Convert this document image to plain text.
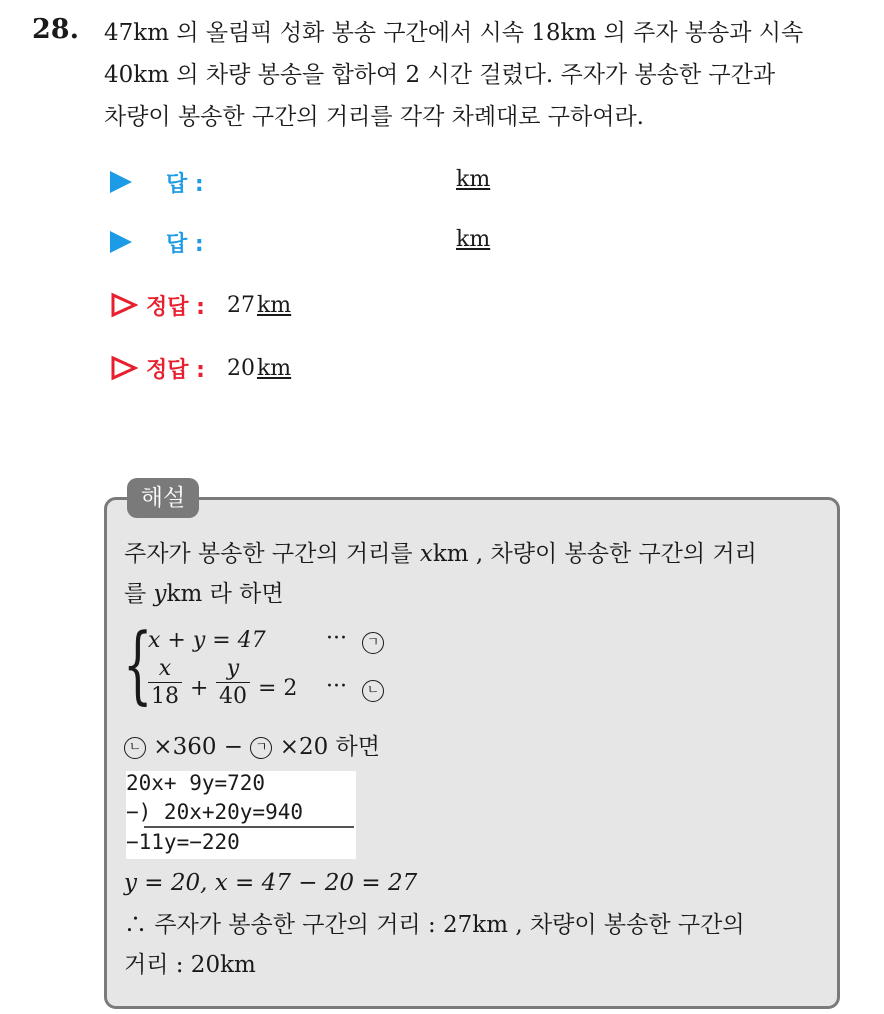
28. 47km 의 올림픽 성화 봉송 구간에서 시속 18km 의 주자 봉송과 시속
40km 의 차량 봉송을 합하여 2 시간 걸렸다. 주자가 봉송한 구간과
차량이 봉송한 구간의 거리를 각각 차례대로 구하여라.
답 :	km
답 :	km
정답 : 27 km
정답 : 20 km
해설
주자가 봉송한 구간의 거리를 xkm , 차량이 봉송한 구간의 거리
를 ykm 라 하면
{
x + y = 47	···	ㄱ
$\frac{x}{18} + \frac{y}{40} = 2$ ···	ㄴ
ㄴ ×360 − ㄱ ×20 하면
20x+ 9y=720
−) 20x+20y=940
−11y=−220
y = 20, x = 47 − 20 = 27
∴ 주자가 봉송한 구간의 거리 : 27km , 차량이 봉송한 구간의
거리 : 20km
